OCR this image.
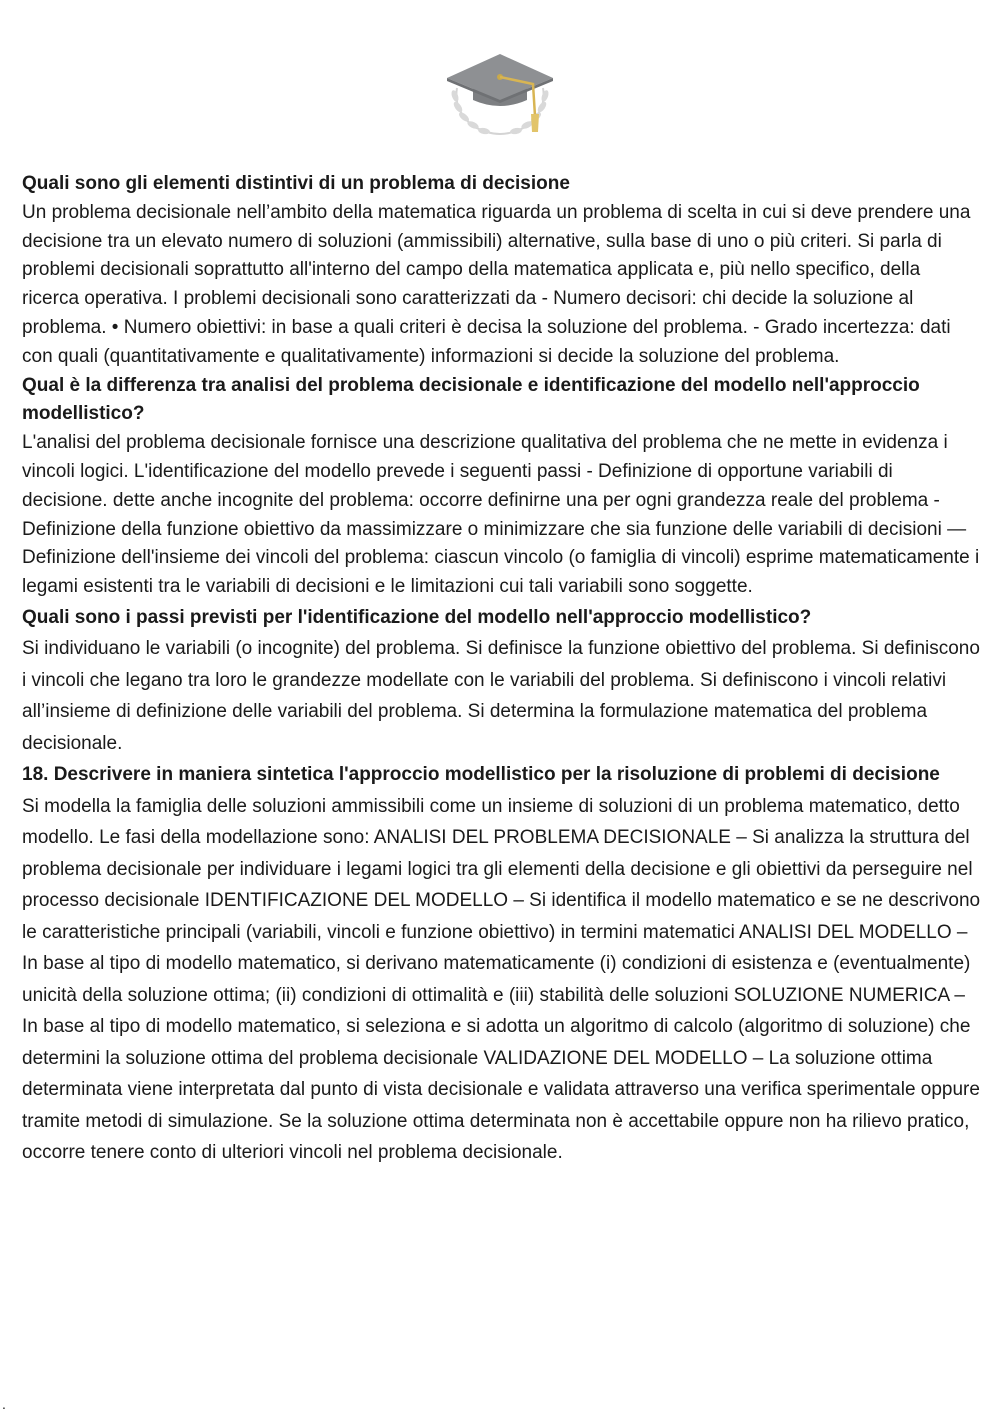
Quali sono gli elementi distintivi di un problema di decisione

Un problema decisionale nell’ambito della matematica riguarda un problema di scelta in cui si deve prendere una decisione tra un elevato numero di soluzioni (ammissibili) alternative, sulla base di uno o più criteri. Si parla di problemi decisionali soprattutto all'interno del campo della matematica applicata e, più nello specifico, della ricerca operativa. I problemi decisionali sono caratterizzati da - Numero decisori: chi decide la soluzione al problema. • Numero obiettivi: in base a quali criteri è decisa la soluzione del problema. - Grado incertezza: dati con quali (quantitativamente e qualitativamente) informazioni si decide la soluzione del problema.

Qual è la differenza tra analisi del problema decisionale e identificazione del modello nell'approccio modellistico?

L'analisi del problema decisionale fornisce una descrizione qualitativa del problema che ne mette in evidenza i vincoli logici. L'identificazione del modello prevede i seguenti passi - Definizione di opportune variabili di decisione. dette anche incognite del problema: occorre definirne una per ogni grandezza reale del problema - Definizione della funzione obiettivo da massimizzare o minimizzare che sia funzione delle variabili di decisioni — Definizione dell'insieme dei vincoli del problema: ciascun vincolo (o famiglia di vincoli) esprime matematicamente i legami esistenti tra le variabili di decisioni e le limitazioni cui tali variabili sono soggette.

Quali sono i passi previsti per l'identificazione del modello nell'approccio modellistico?

Si individuano le variabili (o incognite) del problema. Si definisce la funzione obiettivo del problema. Si definiscono i vincoli che legano tra loro le grandezze modellate con le variabili del problema. Si definiscono i vincoli relativi all’insieme di definizione delle variabili del problema. Si determina la formulazione matematica del problema decisionale.

18. Descrivere in maniera sintetica l'approccio modellistico per la risoluzione di problemi di decisione

Si modella la famiglia delle soluzioni ammissibili come un insieme di soluzioni di un problema matematico, detto modello. Le fasi della modellazione sono: ANALISI DEL PROBLEMA DECISIONALE – Si analizza la struttura del problema decisionale per individuare i legami logici tra gli elementi della decisione e gli obiettivi da perseguire nel processo decisionale IDENTIFICAZIONE DEL MODELLO – Si identifica il modello matematico e se ne descrivono le caratteristiche principali (variabili, vincoli e funzione obiettivo) in termini matematici ANALISI DEL MODELLO – In base al tipo di modello matematico, si derivano matematicamente (i) condizioni di esistenza e (eventualmente) unicità della soluzione ottima; (ii) condizioni di ottimalità e (iii) stabilità delle soluzioni SOLUZIONE NUMERICA – In base al tipo di modello matematico, si seleziona e si adotta un algoritmo di calcolo (algoritmo di soluzione) che determini la soluzione ottima del problema decisionale VALIDAZIONE DEL MODELLO – La soluzione ottima determinata viene interpretata dal punto di vista decisionale e validata attraverso una verifica sperimentale oppure tramite metodi di simulazione. Se la soluzione ottima determinata non è accettabile oppure non ha rilievo pratico, occorre tenere conto di ulteriori vincoli nel problema decisionale.

.
